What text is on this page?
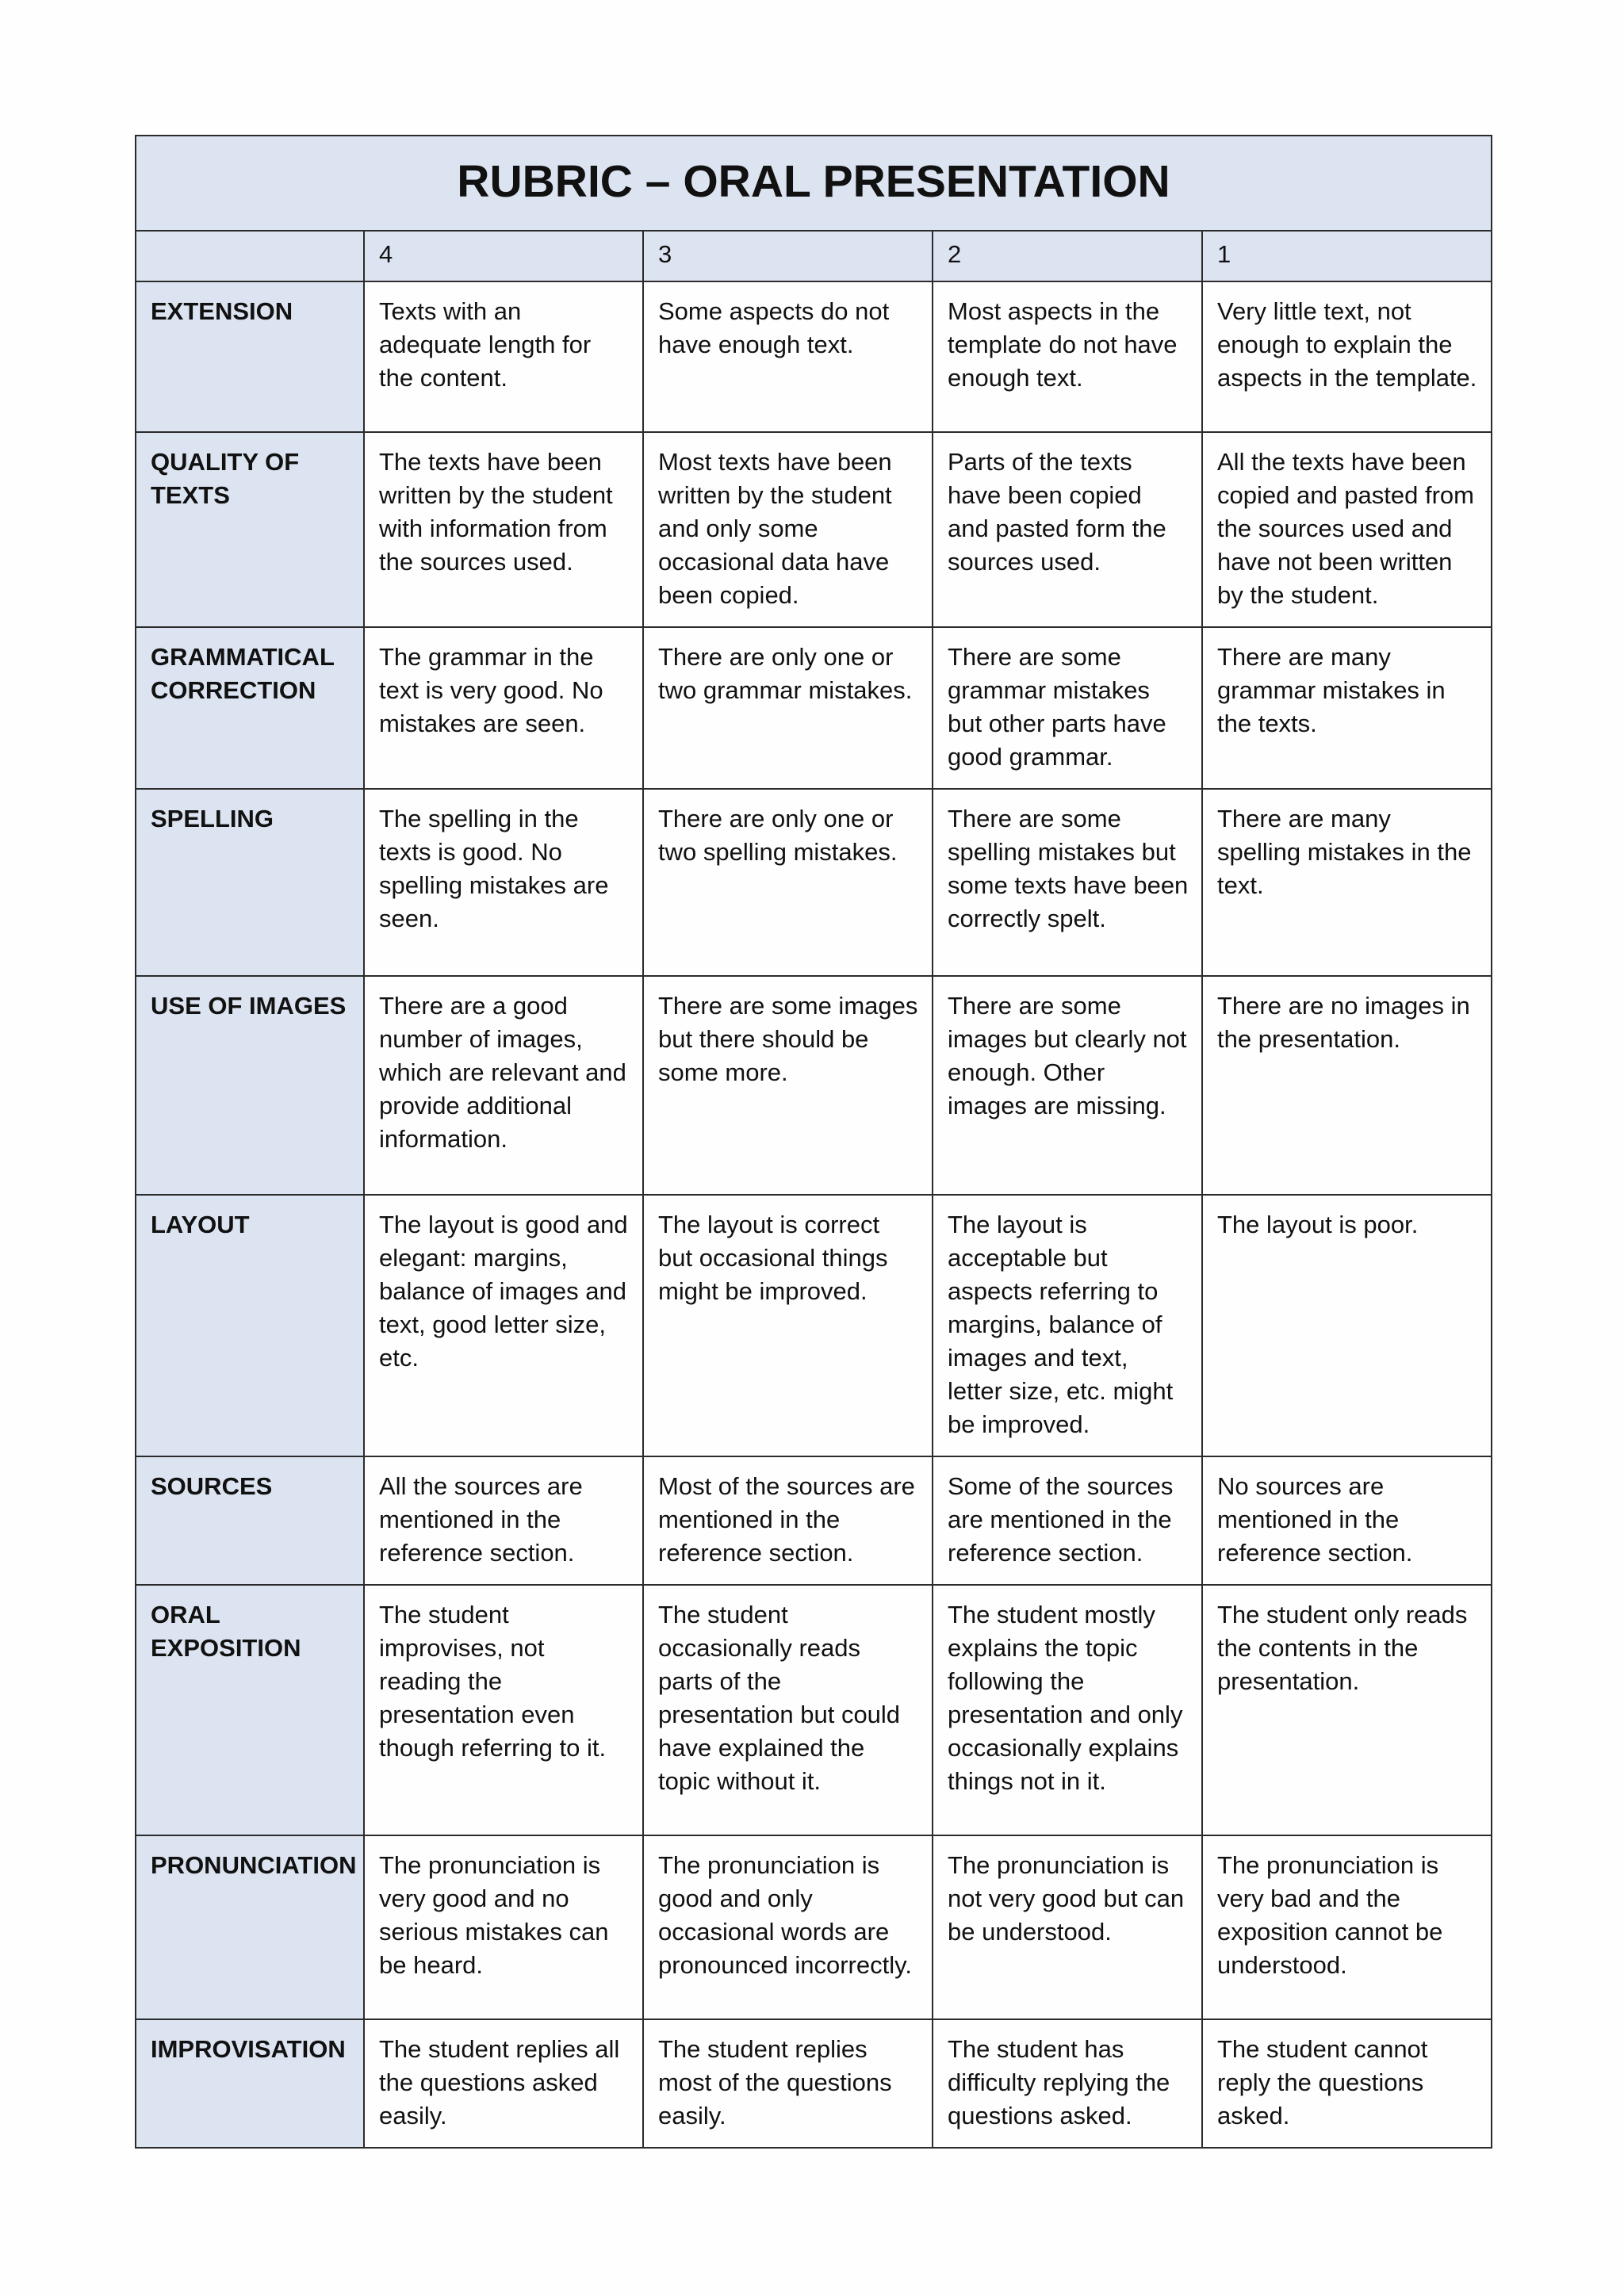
RUBRIC – ORAL PRESENTATION				
	4	3	2	1
EXTENSION	Texts with an adequate length for the content.	Some aspects do not have enough text.	Most aspects in the template do not have enough text.	Very little text, not enough to explain the aspects in the template.
QUALITY OF TEXTS	The texts have been written by the student with information from the sources used.	Most texts have been written by the student and only some occasional data have been copied.	Parts of the texts have been copied and pasted form the sources used.	All the texts have been copied and pasted from the sources used and have not been written by the student.
GRAMMATICAL CORRECTION	The grammar in the text is very good. No mistakes are seen.	There are only one or two grammar mistakes.	There are some grammar mistakes but other parts have good grammar.	There are many grammar mistakes in the texts.
SPELLING	The spelling in the texts is good. No spelling mistakes are seen.	There are only one or two spelling mistakes.	There are some spelling mistakes but some texts have been correctly spelt.	There are many spelling mistakes in the text.
USE OF IMAGES	There are a good number of images, which are relevant and provide additional information.	There are some images but there should be some more.	There are some images but clearly not enough. Other images are missing.	There are no images in the presentation.
LAYOUT	The layout is good and elegant: margins, balance of images and text, good letter size, etc.	The layout is correct but occasional things might be improved.	The layout is acceptable but aspects referring to margins, balance of images and text, letter size, etc. might be improved.	The layout is poor.
SOURCES	All the sources are mentioned in the reference section.	Most of the sources are mentioned in the reference section.	Some of the sources are mentioned in the reference section.	No sources are mentioned in the reference section.
ORAL EXPOSITION	The student improvises, not reading the presentation even though referring to it.	The student occasionally reads parts of the presentation but could have explained the topic without it.	The student mostly explains the topic following the presentation and only occasionally explains things not in it.	The student only reads the contents in the presentation.
PRONUNCIATION	The pronunciation is very good and no serious mistakes can be heard.	The pronunciation is good and only occasional words are pronounced incorrectly.	The pronunciation is not very good but can be understood.	The pronunciation is very bad and the exposition cannot be understood.
IMPROVISATION	The student replies all the questions asked easily.	The student replies most of the questions easily.	The student has difficulty replying the questions asked.	The student cannot reply the questions asked.
